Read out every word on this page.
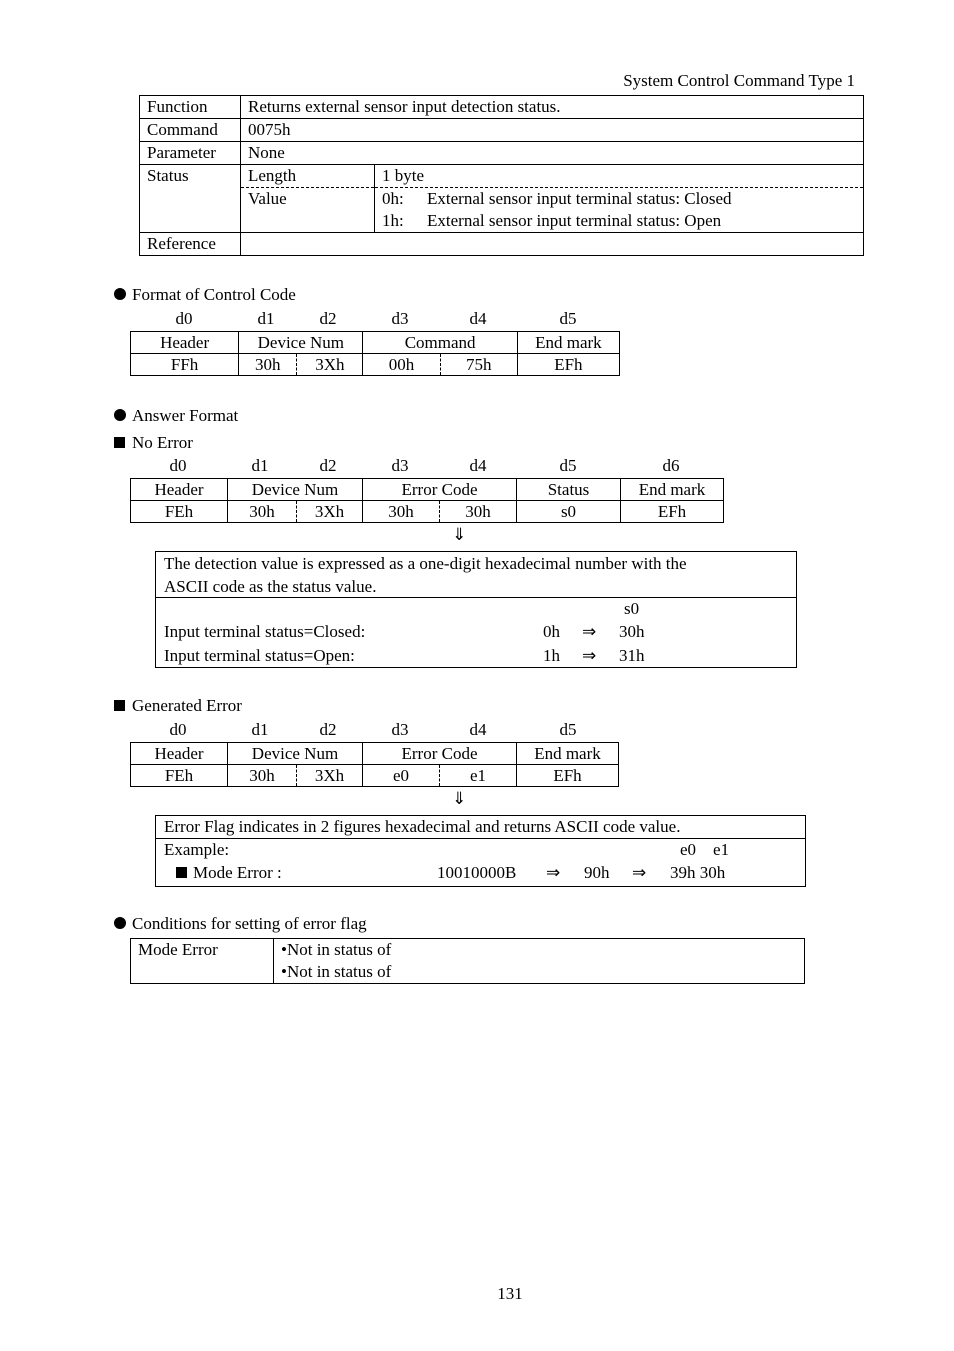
System Control Command Type 1
Function	Returns external sensor input detection status.
Command	0075h
Parameter	None
Status		Length	1 byte
Value	0h: External sensor input terminal status: Closed
1h: External sensor input terminal status: Open

Reference	
Format of Control Code
d0	d1	d2	d3	d4	d5
Header	Device Num		Command		End mark
FFh	30h	3Xh	00h	75h	EFh
Answer Format
No Error
d0	d1	d2	d3	d4	d5	d6
Header	Device Num		Error Code		Status	End mark
FEh	30h	3Xh	30h	30h	s0	EFh
⇓
The detection value is expressed as a one-digit hexadecimal number with the
ASCII code as the status value.
s0
Input terminal status=Closed:	0h ⇒ 30h
Input terminal status=Open:	1h ⇒ 31h
Generated Error
d0	d1	d2	d3	d4	d5
Header	Device Num		Error Code		End mark
FEh	30h	3Xh	e0	e1	EFh
⇓
Error Flag indicates in 2 figures hexadecimal and returns ASCII code value.
Example:	e0    e1
Mode Error :	10010000B ⇒ 90h ⇒ 39h 30h
Conditions for setting of error flag
Mode Error	•Not in status of
•Not in status of
131
